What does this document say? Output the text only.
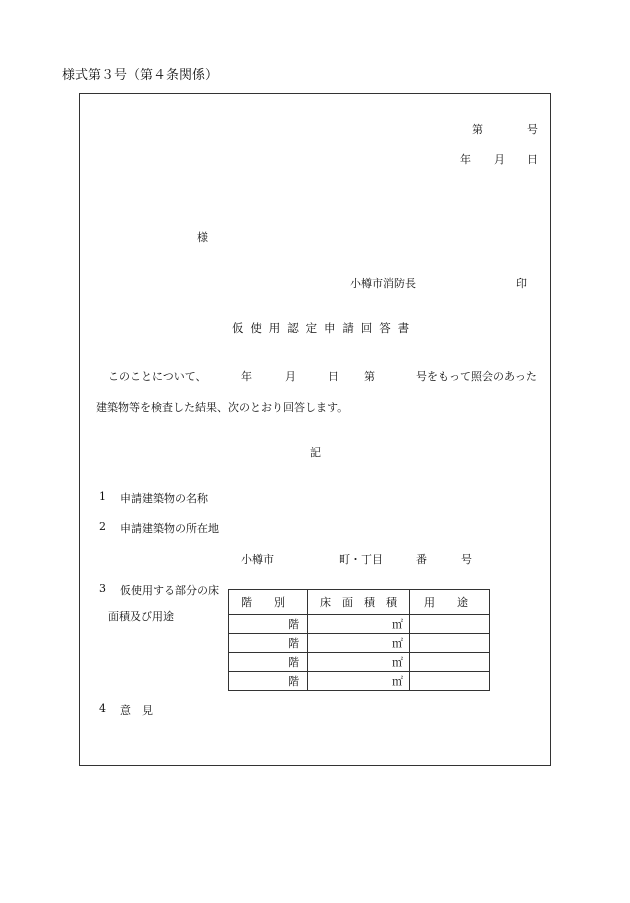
様式第３号（第４条関係）
第	号
年 月 日
様
小樽市消防長	印
仮使用認定申請回答書
このことについて、	年	月	日 第	号をもって照会のあった
建築物等を検査した結果、次のとおり回答します。
記
1 申請建築物の名称
2 申請建築物の所在地
小樽市	町・丁目	番	号
3 仮使用する部分の床
面積及び用途
階　　別	床　面　積　積	用　　途
階	㎡	
階	㎡	
階	㎡	
階	㎡	
4 意　見
